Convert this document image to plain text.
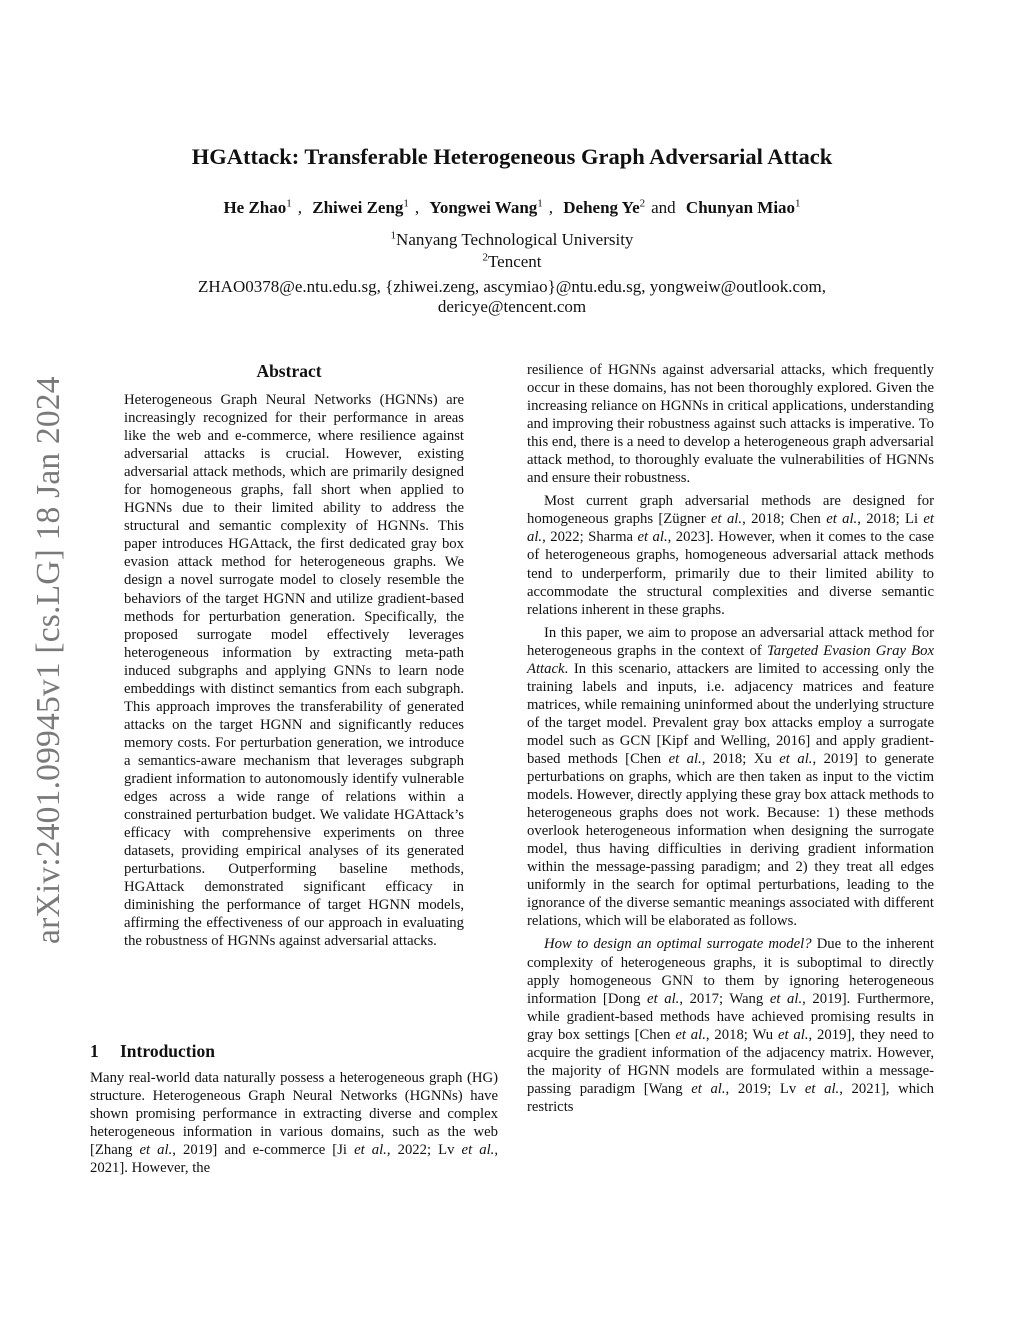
arXiv:2401.09945v1 [cs.LG] 18 Jan 2024
HGAttack: Transferable Heterogeneous Graph Adversarial Attack
He Zhao$^1$ , Zhiwei Zeng$^1$ , Yongwei Wang$^1$ , Deheng Ye$^2$ and Chunyan Miao$^1$
$^1$Nanyang Technological University
$^2$Tencent
ZHAO0378@e.ntu.edu.sg, {zhiwei.zeng, ascymiao}@ntu.edu.sg, yongweiw@outlook.com,
dericye@tencent.com
Abstract

Heterogeneous Graph Neural Networks (HGNNs) are increasingly recognized for their performance in areas like the web and e-commerce, where resilience against adversarial attacks is crucial. However, existing adversarial attack methods, which are primarily designed for homogeneous graphs, fall short when applied to HGNNs due to their limited ability to address the structural and semantic complexity of HGNNs. This paper introduces HGAttack, the first dedicated gray box evasion attack method for heterogeneous graphs. We design a novel surrogate model to closely resemble the behaviors of the target HGNN and utilize gradient-based methods for perturbation generation. Specifically, the proposed surrogate model effectively leverages heterogeneous information by extracting meta-path induced subgraphs and applying GNNs to learn node embeddings with distinct semantics from each subgraph. This approach improves the transferability of generated attacks on the target HGNN and significantly reduces memory costs. For perturbation generation, we introduce a semantics-aware mechanism that leverages subgraph gradient information to autonomously identify vulnerable edges across a wide range of relations within a constrained perturbation budget. We validate HGAttack’s efficacy with comprehensive experiments on three datasets, providing empirical analyses of its generated perturbations. Outperforming baseline methods, HGAttack demonstrated significant efficacy in diminishing the performance of target HGNN models, affirming the effectiveness of our approach in evaluating the robustness of HGNNs against adversarial attacks.

1 Introduction

Many real-world data naturally possess a heterogeneous graph (HG) structure. Heterogeneous Graph Neural Networks (HGNNs) have shown promising performance in extracting diverse and complex heterogeneous information in various domains, such as the web [Zhang et al., 2019] and e-commerce [Ji et al., 2022; Lv et al., 2021]. However, the

resilience of HGNNs against adversarial attacks, which frequently occur in these domains, has not been thoroughly explored. Given the increasing reliance on HGNNs in critical applications, understanding and improving their robustness against such attacks is imperative. To this end, there is a need to develop a heterogeneous graph adversarial attack method, to thoroughly evaluate the vulnerabilities of HGNNs and ensure their robustness.

Most current graph adversarial methods are designed for homogeneous graphs [Zügner et al., 2018; Chen et al., 2018; Li et al., 2022; Sharma et al., 2023]. However, when it comes to the case of heterogeneous graphs, homogeneous adversarial attack methods tend to underperform, primarily due to their limited ability to accommodate the structural complexities and diverse semantic relations inherent in these graphs.

In this paper, we aim to propose an adversarial attack method for heterogeneous graphs in the context of Targeted Evasion Gray Box Attack. In this scenario, attackers are limited to accessing only the training labels and inputs, i.e. adjacency matrices and feature matrices, while remaining uninformed about the underlying structure of the target model. Prevalent gray box attacks employ a surrogate model such as GCN [Kipf and Welling, 2016] and apply gradient-based methods [Chen et al., 2018; Xu et al., 2019] to generate perturbations on graphs, which are then taken as input to the victim models. However, directly applying these gray box attack methods to heterogeneous graphs does not work. Because: 1) these methods overlook heterogeneous information when designing the surrogate model, thus having difficulties in deriving gradient information within the message-passing paradigm; and 2) they treat all edges uniformly in the search for optimal perturbations, leading to the ignorance of the diverse semantic meanings associated with different relations, which will be elaborated as follows.

How to design an optimal surrogate model? Due to the inherent complexity of heterogeneous graphs, it is suboptimal to directly apply homogeneous GNN to them by ignoring heterogeneous information [Dong et al., 2017; Wang et al., 2019]. Furthermore, while gradient-based methods have achieved promising results in gray box settings [Chen et al., 2018; Wu et al., 2019], they need to acquire the gradient information of the adjacency matrix. However, the majority of HGNN models are formulated within a message-passing paradigm [Wang et al., 2019; Lv et al., 2021], which restricts
